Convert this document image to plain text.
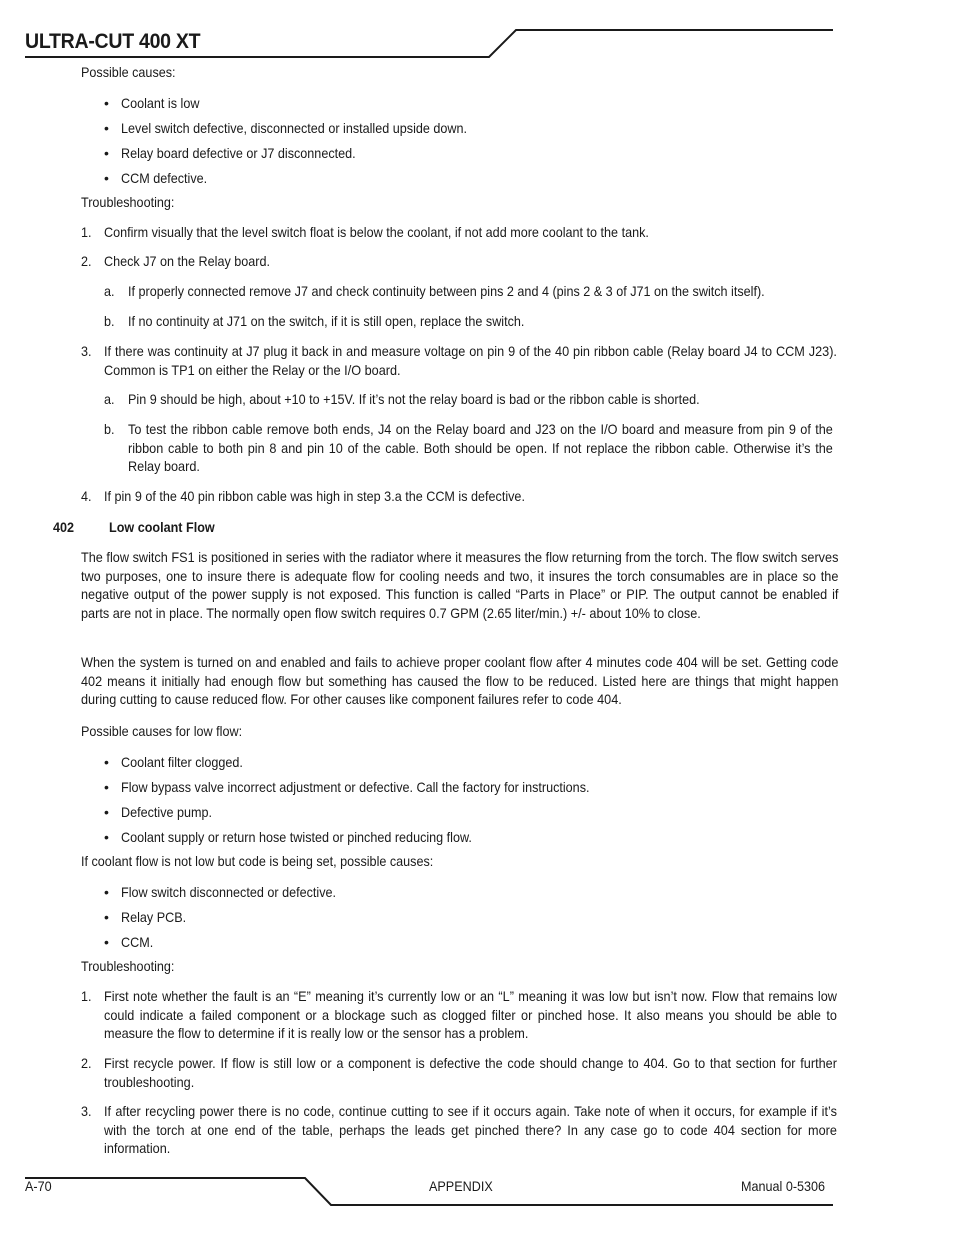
ULTRA-CUT 400 XT
Possible causes:
• Coolant is low
• Level switch defective, disconnected or installed upside down.
• Relay board defective or J7 disconnected.
• CCM defective.
Troubleshooting:
1. Confirm visually that the level switch float is below the coolant, if not add more coolant to the tank.
2. Check J7 on the Relay board.
a. If properly connected remove J7 and check continuity between pins 2 and 4 (pins 2 & 3 of J71 on the switch itself).
b. If no continuity at J71 on the switch, if it is still open, replace the switch.
3. If there was continuity at J7 plug it back in and measure voltage on pin 9 of the 40 pin ribbon cable (Relay board J4 to CCM J23). Common is TP1 on either the Relay or the I/O board.
a. Pin 9 should be high, about +10 to +15V. If it’s not the relay board is bad or the ribbon cable is shorted.
b. To test the ribbon cable remove both ends, J4 on the Relay board and J23 on the I/O board and measure from pin 9 of the ribbon cable to both pin 8 and pin 10 of the cable. Both should be open. If not replace the ribbon cable. Otherwise it’s the Relay board.
4. If pin 9 of the 40 pin ribbon cable was high in step 3.a the CCM is defective.
402 Low coolant Flow
The flow switch FS1 is positioned in series with the radiator where it measures the flow returning from the torch. The flow switch serves two purposes, one to insure there is adequate flow for cooling needs and two, it insures the torch consumables are in place so the negative output of the power supply is not exposed. This function is called “Parts in Place” or PIP. The output cannot be enabled if parts are not in place. The normally open flow switch requires 0.7 GPM (2.65 liter/min.) +/- about 10% to close.
When the system is turned on and enabled and fails to achieve proper coolant flow after 4 minutes code 404 will be set. Getting code 402 means it initially had enough flow but something has caused the flow to be reduced. Listed here are things that might happen during cutting to cause reduced flow. For other causes like component failures refer to code 404.
Possible causes for low flow:
• Coolant filter clogged.
• Flow bypass valve incorrect adjustment or defective. Call the factory for instructions.
• Defective pump.
• Coolant supply or return hose twisted or pinched reducing flow.
If coolant flow is not low but code is being set, possible causes:
• Flow switch disconnected or defective.
• Relay PCB.
• CCM.
Troubleshooting:
1. First note whether the fault is an “E” meaning it’s currently low or an “L” meaning it was low but isn’t now. Flow that remains low could indicate a failed component or a blockage such as clogged filter or pinched hose. It also means you should be able to measure the flow to determine if it is really low or the sensor has a problem.
2. First recycle power. If flow is still low or a component is defective the code should change to 404. Go to that section for further troubleshooting.
3. If after recycling power there is no code, continue cutting to see if it occurs again. Take note of when it occurs, for example if it’s with the torch at one end of the table, perhaps the leads get pinched there? In any case go to code 404 section for more information.
A-70	APPENDIX	Manual 0-5306
